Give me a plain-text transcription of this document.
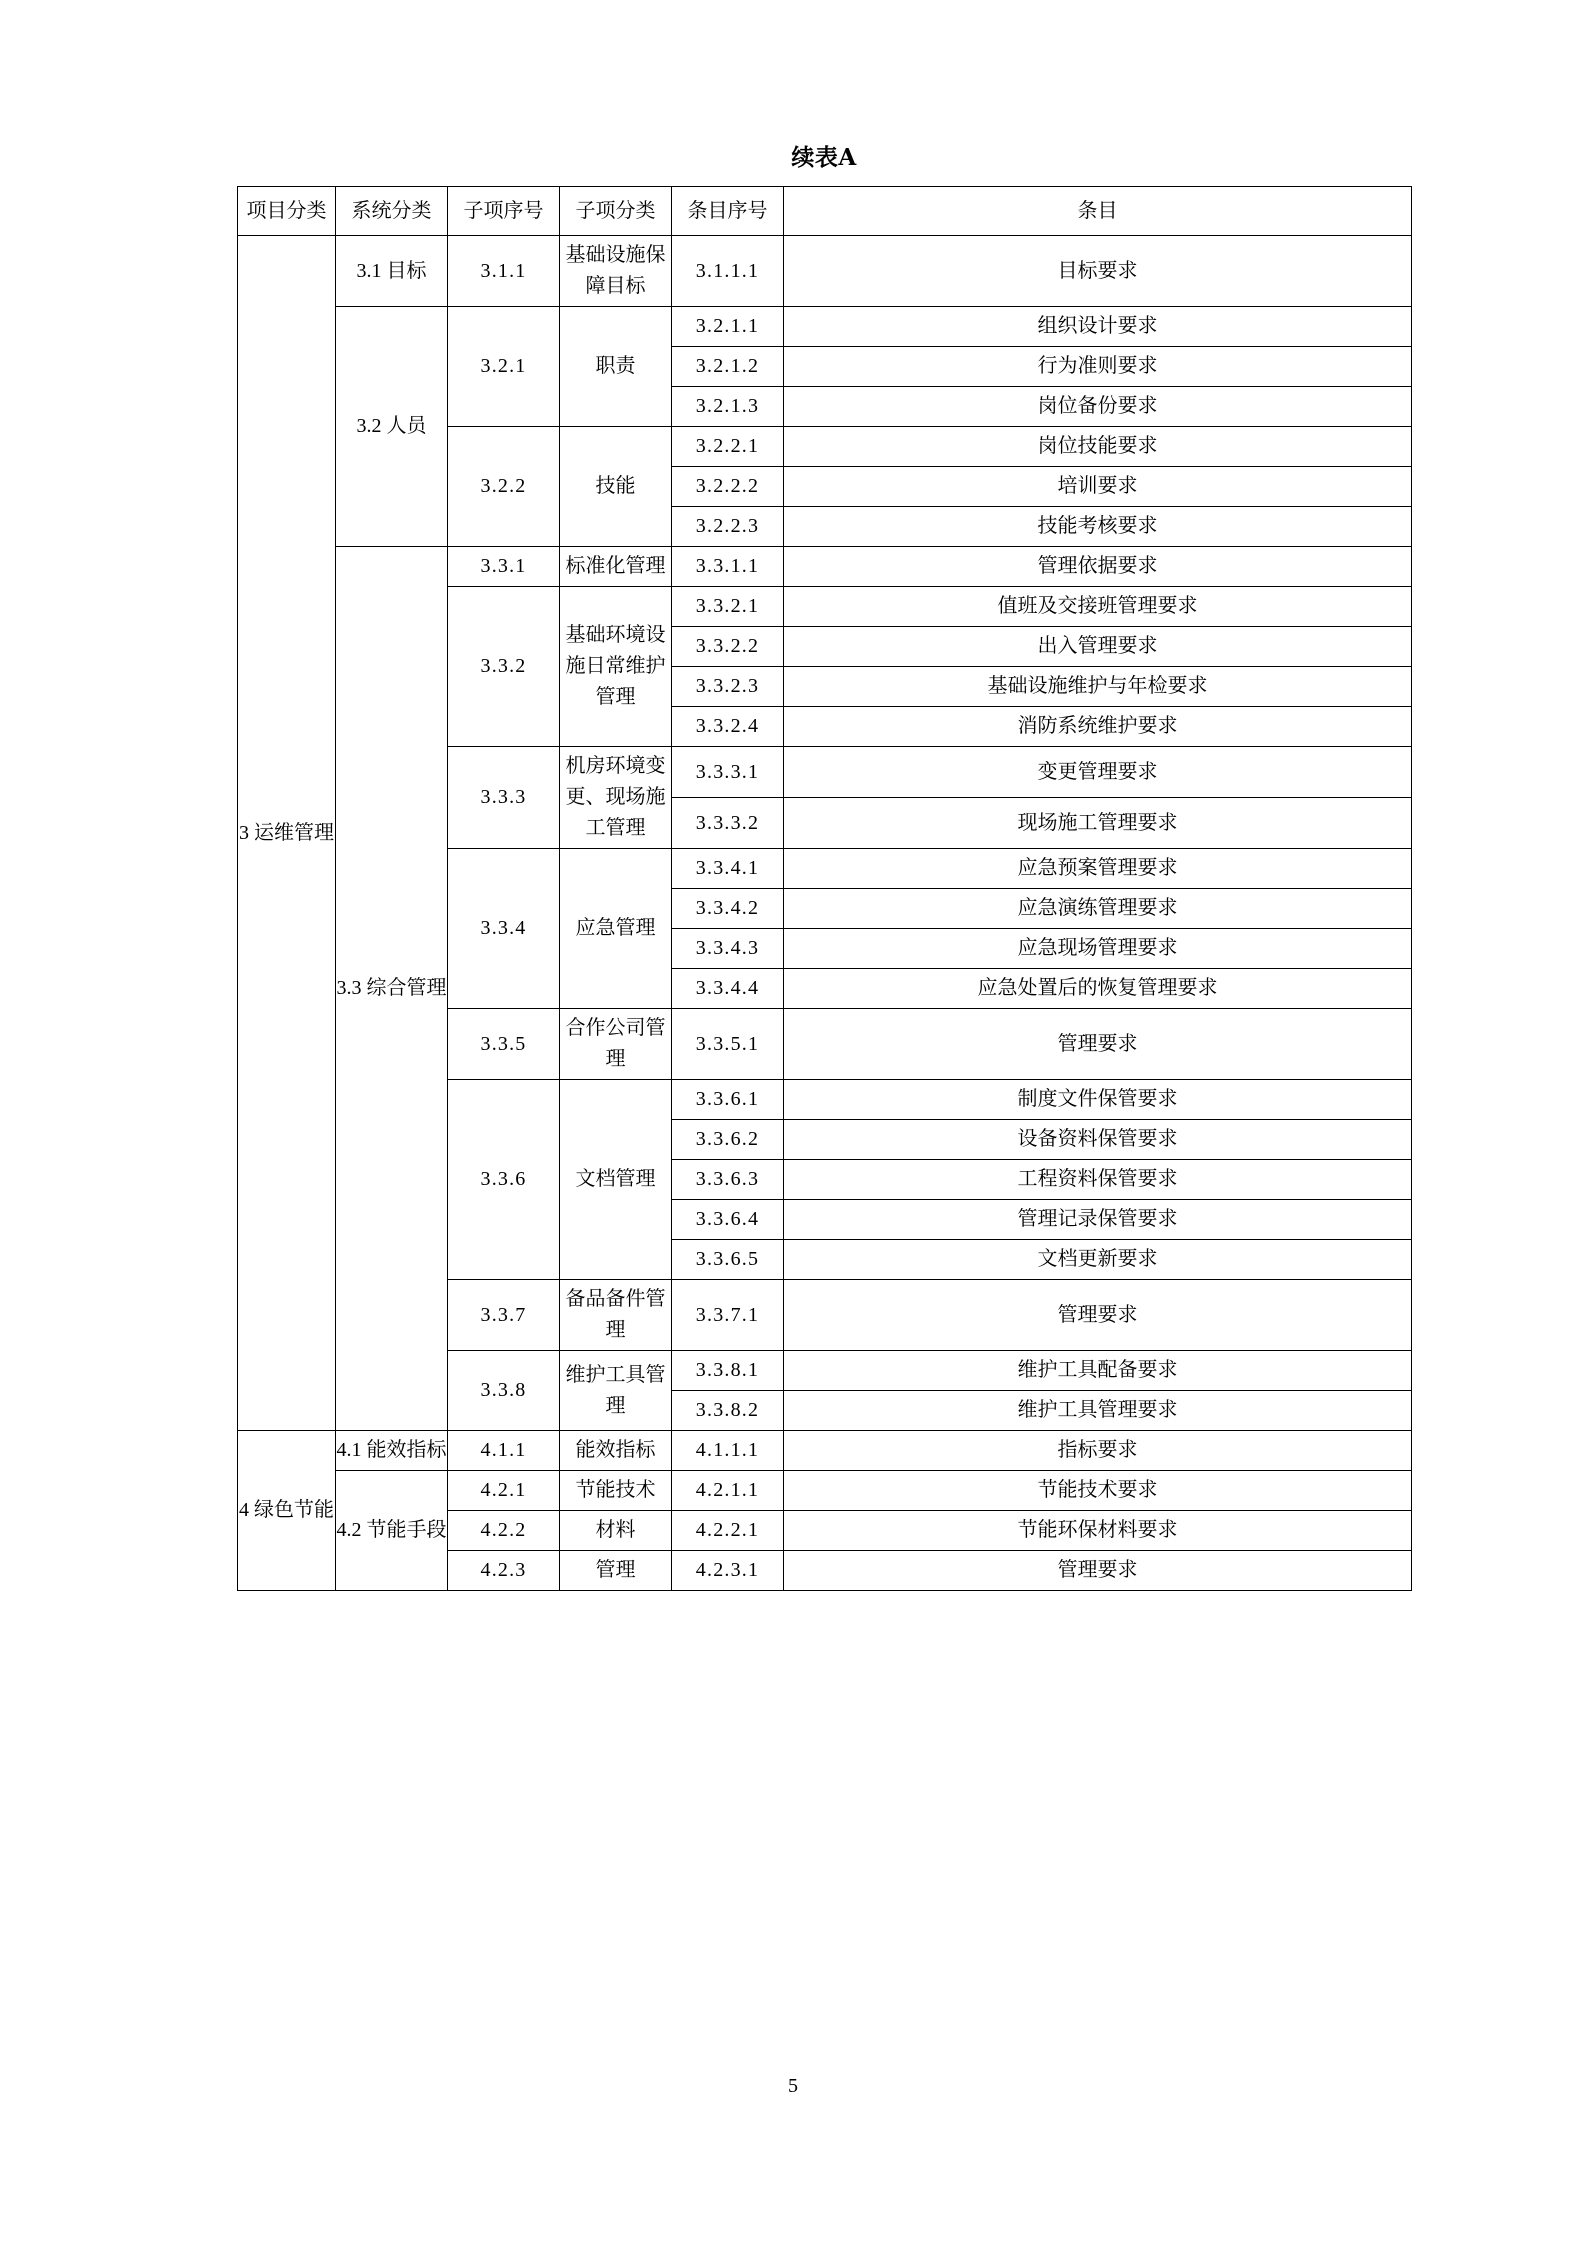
续表A
项目分类	系统分类	子项序号	子项分类	条目序号	条目
3 运维管理	3.1 目标	3.1.1	基础设施保障目标	3.1.1.1	目标要求
	3.2 人员	3.2.1	职责	3.2.1.1	组织设计要求
				3.2.1.2	行为准则要求
				3.2.1.3	岗位备份要求
		3.2.2	技能	3.2.2.1	岗位技能要求
				3.2.2.2	培训要求
				3.2.2.3	技能考核要求
	3.3 综合管理	3.3.1	标准化管理	3.3.1.1	管理依据要求
		3.3.2	基础环境设施日常维护管理	3.3.2.1	值班及交接班管理要求
				3.3.2.2	出入管理要求
				3.3.2.3	基础设施维护与年检要求
				3.3.2.4	消防系统维护要求
		3.3.3	机房环境变更、现场施工管理	3.3.3.1	变更管理要求
				3.3.3.2	现场施工管理要求
		3.3.4	应急管理	3.3.4.1	应急预案管理要求
				3.3.4.2	应急演练管理要求
				3.3.4.3	应急现场管理要求
				3.3.4.4	应急处置后的恢复管理要求
		3.3.5	合作公司管理	3.3.5.1	管理要求
		3.3.6	文档管理	3.3.6.1	制度文件保管要求
				3.3.6.2	设备资料保管要求
				3.3.6.3	工程资料保管要求
				3.3.6.4	管理记录保管要求
				3.3.6.5	文档更新要求
		3.3.7	备品备件管理	3.3.7.1	管理要求
		3.3.8	维护工具管理	3.3.8.1	维护工具配备要求
				3.3.8.2	维护工具管理要求
4 绿色节能	4.1 能效指标	4.1.1	能效指标	4.1.1.1	指标要求
	4.2 节能手段	4.2.1	节能技术	4.2.1.1	节能技术要求
		4.2.2	材料	4.2.2.1	节能环保材料要求
		4.2.3	管理	4.2.3.1	管理要求
5
